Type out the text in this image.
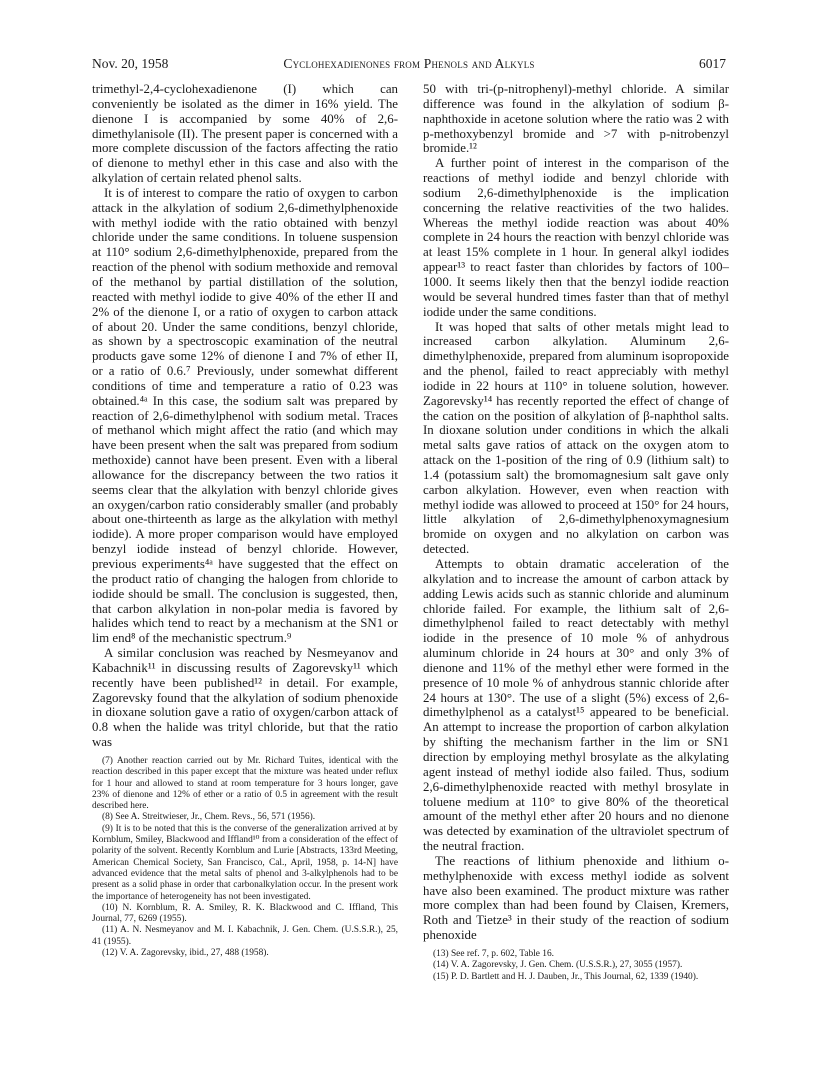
Nov. 20, 1958	Cyclohexadienones from Phenols and Alkyls	6017

trimethyl-2,4-cyclohexadienone (I) which can conveniently be isolated as the dimer in 16% yield. The dienone I is accompanied by some 40% of 2,6-dimethylanisole (II). The present paper is concerned with a more complete discussion of the factors affecting the ratio of dienone to methyl ether in this case and also with the alkylation of certain related phenol salts.

It is of interest to compare the ratio of oxygen to carbon attack in the alkylation of sodium 2,6-dimethylphenoxide with methyl iodide with the ratio obtained with benzyl chloride under the same conditions. In toluene suspension at 110° sodium 2,6-dimethylphenoxide, prepared from the reaction of the phenol with sodium methoxide and removal of the methanol by partial distillation of the solution, reacted with methyl iodide to give 40% of the ether II and 2% of the dienone I, or a ratio of oxygen to carbon attack of about 20. Under the same conditions, benzyl chloride, as shown by a spectroscopic examination of the neutral products gave some 12% of dienone I and 7% of ether II, or a ratio of 0.6.⁷ Previously, under somewhat different conditions of time and temperature a ratio of 0.23 was obtained.⁴ᵃ In this case, the sodium salt was prepared by reaction of 2,6-dimethylphenol with sodium metal. Traces of methanol which might affect the ratio (and which may have been present when the salt was prepared from sodium methoxide) cannot have been present. Even with a liberal allowance for the discrepancy between the two ratios it seems clear that the alkylation with benzyl chloride gives an oxygen/carbon ratio considerably smaller (and probably about one-thirteenth as large as the alkylation with methyl iodide). A more proper comparison would have employed benzyl iodide instead of benzyl chloride. However, previous experiments⁴ᵃ have suggested that the effect on the product ratio of changing the halogen from chloride to iodide should be small. The conclusion is suggested, then, that carbon alkylation in non-polar media is favored by halides which tend to react by a mechanism at the SN1 or lim end⁸ of the mechanistic spectrum.⁹

A similar conclusion was reached by Nesmeyanov and Kabachnik¹¹ in discussing results of Zagorevsky¹¹ which recently have been published¹² in detail. For example, Zagorevsky found that the alkylation of sodium phenoxide in dioxane solution gave a ratio of oxygen/carbon attack of 0.8 when the halide was trityl chloride, but that the ratio was

(7) Another reaction carried out by Mr. Richard Tuites, identical with the reaction described in this paper except that the mixture was heated under reflux for 1 hour and allowed to stand at room temperature for 3 hours longer, gave 23% of dienone and 12% of ether or a ratio of 0.5 in agreement with the result described here.

(8) See A. Streitwieser, Jr., Chem. Revs., 56, 571 (1956).

(9) It is to be noted that this is the converse of the generalization arrived at by Kornblum, Smiley, Blackwood and Iffland¹⁰ from a consideration of the effect of polarity of the solvent. Recently Kornblum and Lurie [Abstracts, 133rd Meeting, American Chemical Society, San Francisco, Cal., April, 1958, p. 14-N] have advanced evidence that the metal salts of phenol and 3-alkylphenols had to be present as a solid phase in order that carbonalkylation occur. In the present work the importance of heterogeneity has not been investigated.

(10) N. Kornblum, R. A. Smiley, R. K. Blackwood and C. Iffland, This Journal, 77, 6269 (1955).

(11) A. N. Nesmeyanov and M. I. Kabachnik, J. Gen. Chem. (U.S.S.R.), 25, 41 (1955).

(12) V. A. Zagorevsky, ibid., 27, 488 (1958).

50 with tri-(p-nitrophenyl)-methyl chloride. A similar difference was found in the alkylation of sodium β-naphthoxide in acetone solution where the ratio was 2 with p-methoxybenzyl bromide and >7 with p-nitrobenzyl bromide.¹²

A further point of interest in the comparison of the reactions of methyl iodide and benzyl chloride with sodium 2,6-dimethylphenoxide is the implication concerning the relative reactivities of the two halides. Whereas the methyl iodide reaction was about 40% complete in 24 hours the reaction with benzyl chloride was at least 15% complete in 1 hour. In general alkyl iodides appear¹³ to react faster than chlorides by factors of 100–1000. It seems likely then that the benzyl iodide reaction would be several hundred times faster than that of methyl iodide under the same conditions.

It was hoped that salts of other metals might lead to increased carbon alkylation. Aluminum 2,6-dimethylphenoxide, prepared from aluminum isopropoxide and the phenol, failed to react appreciably with methyl iodide in 22 hours at 110° in toluene solution, however. Zagorevsky¹⁴ has recently reported the effect of change of the cation on the position of alkylation of β-naphthol salts. In dioxane solution under conditions in which the alkali metal salts gave ratios of attack on the oxygen atom to attack on the 1-position of the ring of 0.9 (lithium salt) to 1.4 (potassium salt) the bromomagnesium salt gave only carbon alkylation. However, even when reaction with methyl iodide was allowed to proceed at 150° for 24 hours, little alkylation of 2,6-dimethylphenoxymagnesium bromide on oxygen and no alkylation on carbon was detected.

Attempts to obtain dramatic acceleration of the alkylation and to increase the amount of carbon attack by adding Lewis acids such as stannic chloride and aluminum chloride failed. For example, the lithium salt of 2,6-dimethylphenol failed to react detectably with methyl iodide in the presence of 10 mole % of anhydrous aluminum chloride in 24 hours at 30° and only 3% of dienone and 11% of the methyl ether were formed in the presence of 10 mole % of anhydrous stannic chloride after 24 hours at 130°. The use of a slight (5%) excess of 2,6-dimethylphenol as a catalyst¹⁵ appeared to be beneficial. An attempt to increase the proportion of carbon alkylation by shifting the mechanism farther in the lim or SN1 direction by employing methyl brosylate as the alkylating agent instead of methyl iodide also failed. Thus, sodium 2,6-dimethylphenoxide reacted with methyl brosylate in toluene medium at 110° to give 80% of the theoretical amount of the methyl ether after 20 hours and no dienone was detected by examination of the ultraviolet spectrum of the neutral fraction.

The reactions of lithium phenoxide and lithium o-methylphenoxide with excess methyl iodide as solvent have also been examined. The product mixture was rather more complex than had been found by Claisen, Kremers, Roth and Tietze³ in their study of the reaction of sodium phenoxide

(13) See ref. 7, p. 602, Table 16.

(14) V. A. Zagorevsky, J. Gen. Chem. (U.S.S.R.), 27, 3055 (1957).

(15) P. D. Bartlett and H. J. Dauben, Jr., This Journal, 62, 1339 (1940).
